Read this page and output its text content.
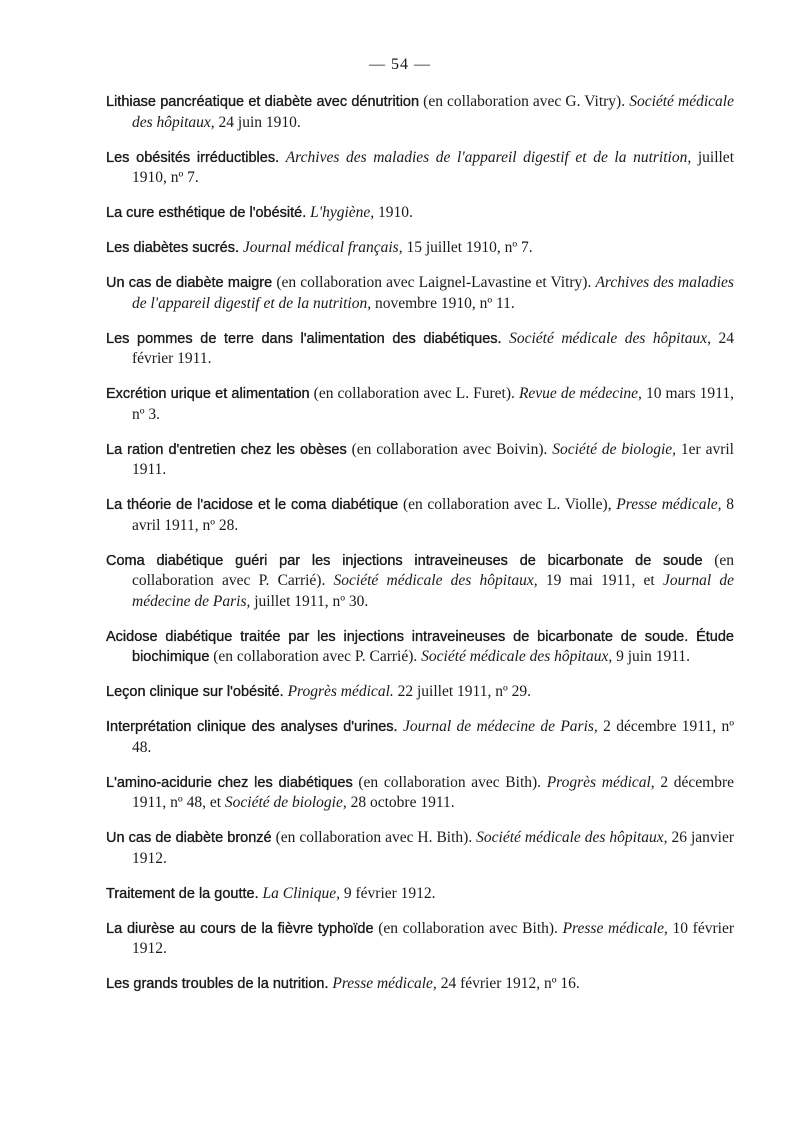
— 54 —

Lithiase pancréatique et diabète avec dénutrition (en collaboration avec G. Vitry). Société médicale des hôpitaux, 24 juin 1910.

Les obésités irréductibles. Archives des maladies de l'appareil digestif et de la nutrition, juillet 1910, nº 7.

La cure esthétique de l'obésité. L'hygiène, 1910.

Les diabètes sucrés. Journal médical français, 15 juillet 1910, nº 7.

Un cas de diabète maigre (en collaboration avec Laignel-Lavastine et Vitry). Archives des maladies de l'appareil digestif et de la nutrition, novembre 1910, nº 11.

Les pommes de terre dans l'alimentation des diabétiques. Société médicale des hôpitaux, 24 février 1911.

Excrétion urique et alimentation (en collaboration avec L. Furet). Revue de médecine, 10 mars 1911, nº 3.

La ration d'entretien chez les obèses (en collaboration avec Boivin). Société de biologie, 1er avril 1911.

La théorie de l'acidose et le coma diabétique (en collaboration avec L. Violle), Presse médicale, 8 avril 1911, nº 28.

Coma diabétique guéri par les injections intraveineuses de bicarbonate de soude (en collaboration avec P. Carrié). Société médicale des hôpitaux, 19 mai 1911, et Journal de médecine de Paris, juillet 1911, nº 30.

Acidose diabétique traitée par les injections intraveineuses de bicarbonate de soude. Étude biochimique (en collaboration avec P. Carrié). Société médicale des hôpitaux, 9 juin 1911.

Leçon clinique sur l'obésité. Progrès médical. 22 juillet 1911, nº 29.

Interprétation clinique des analyses d'urines. Journal de médecine de Paris, 2 décembre 1911, nº 48.

L'amino-acidurie chez les diabétiques (en collaboration avec Bith). Progrès médical, 2 décembre 1911, nº 48, et Société de biologie, 28 octobre 1911.

Un cas de diabète bronzé (en collaboration avec H. Bith). Société médicale des hôpitaux, 26 janvier 1912.

Traitement de la goutte. La Clinique, 9 février 1912.

La diurèse au cours de la fièvre typhoïde (en collaboration avec Bith). Presse médicale, 10 février 1912.

Les grands troubles de la nutrition. Presse médicale, 24 février 1912, nº 16.
